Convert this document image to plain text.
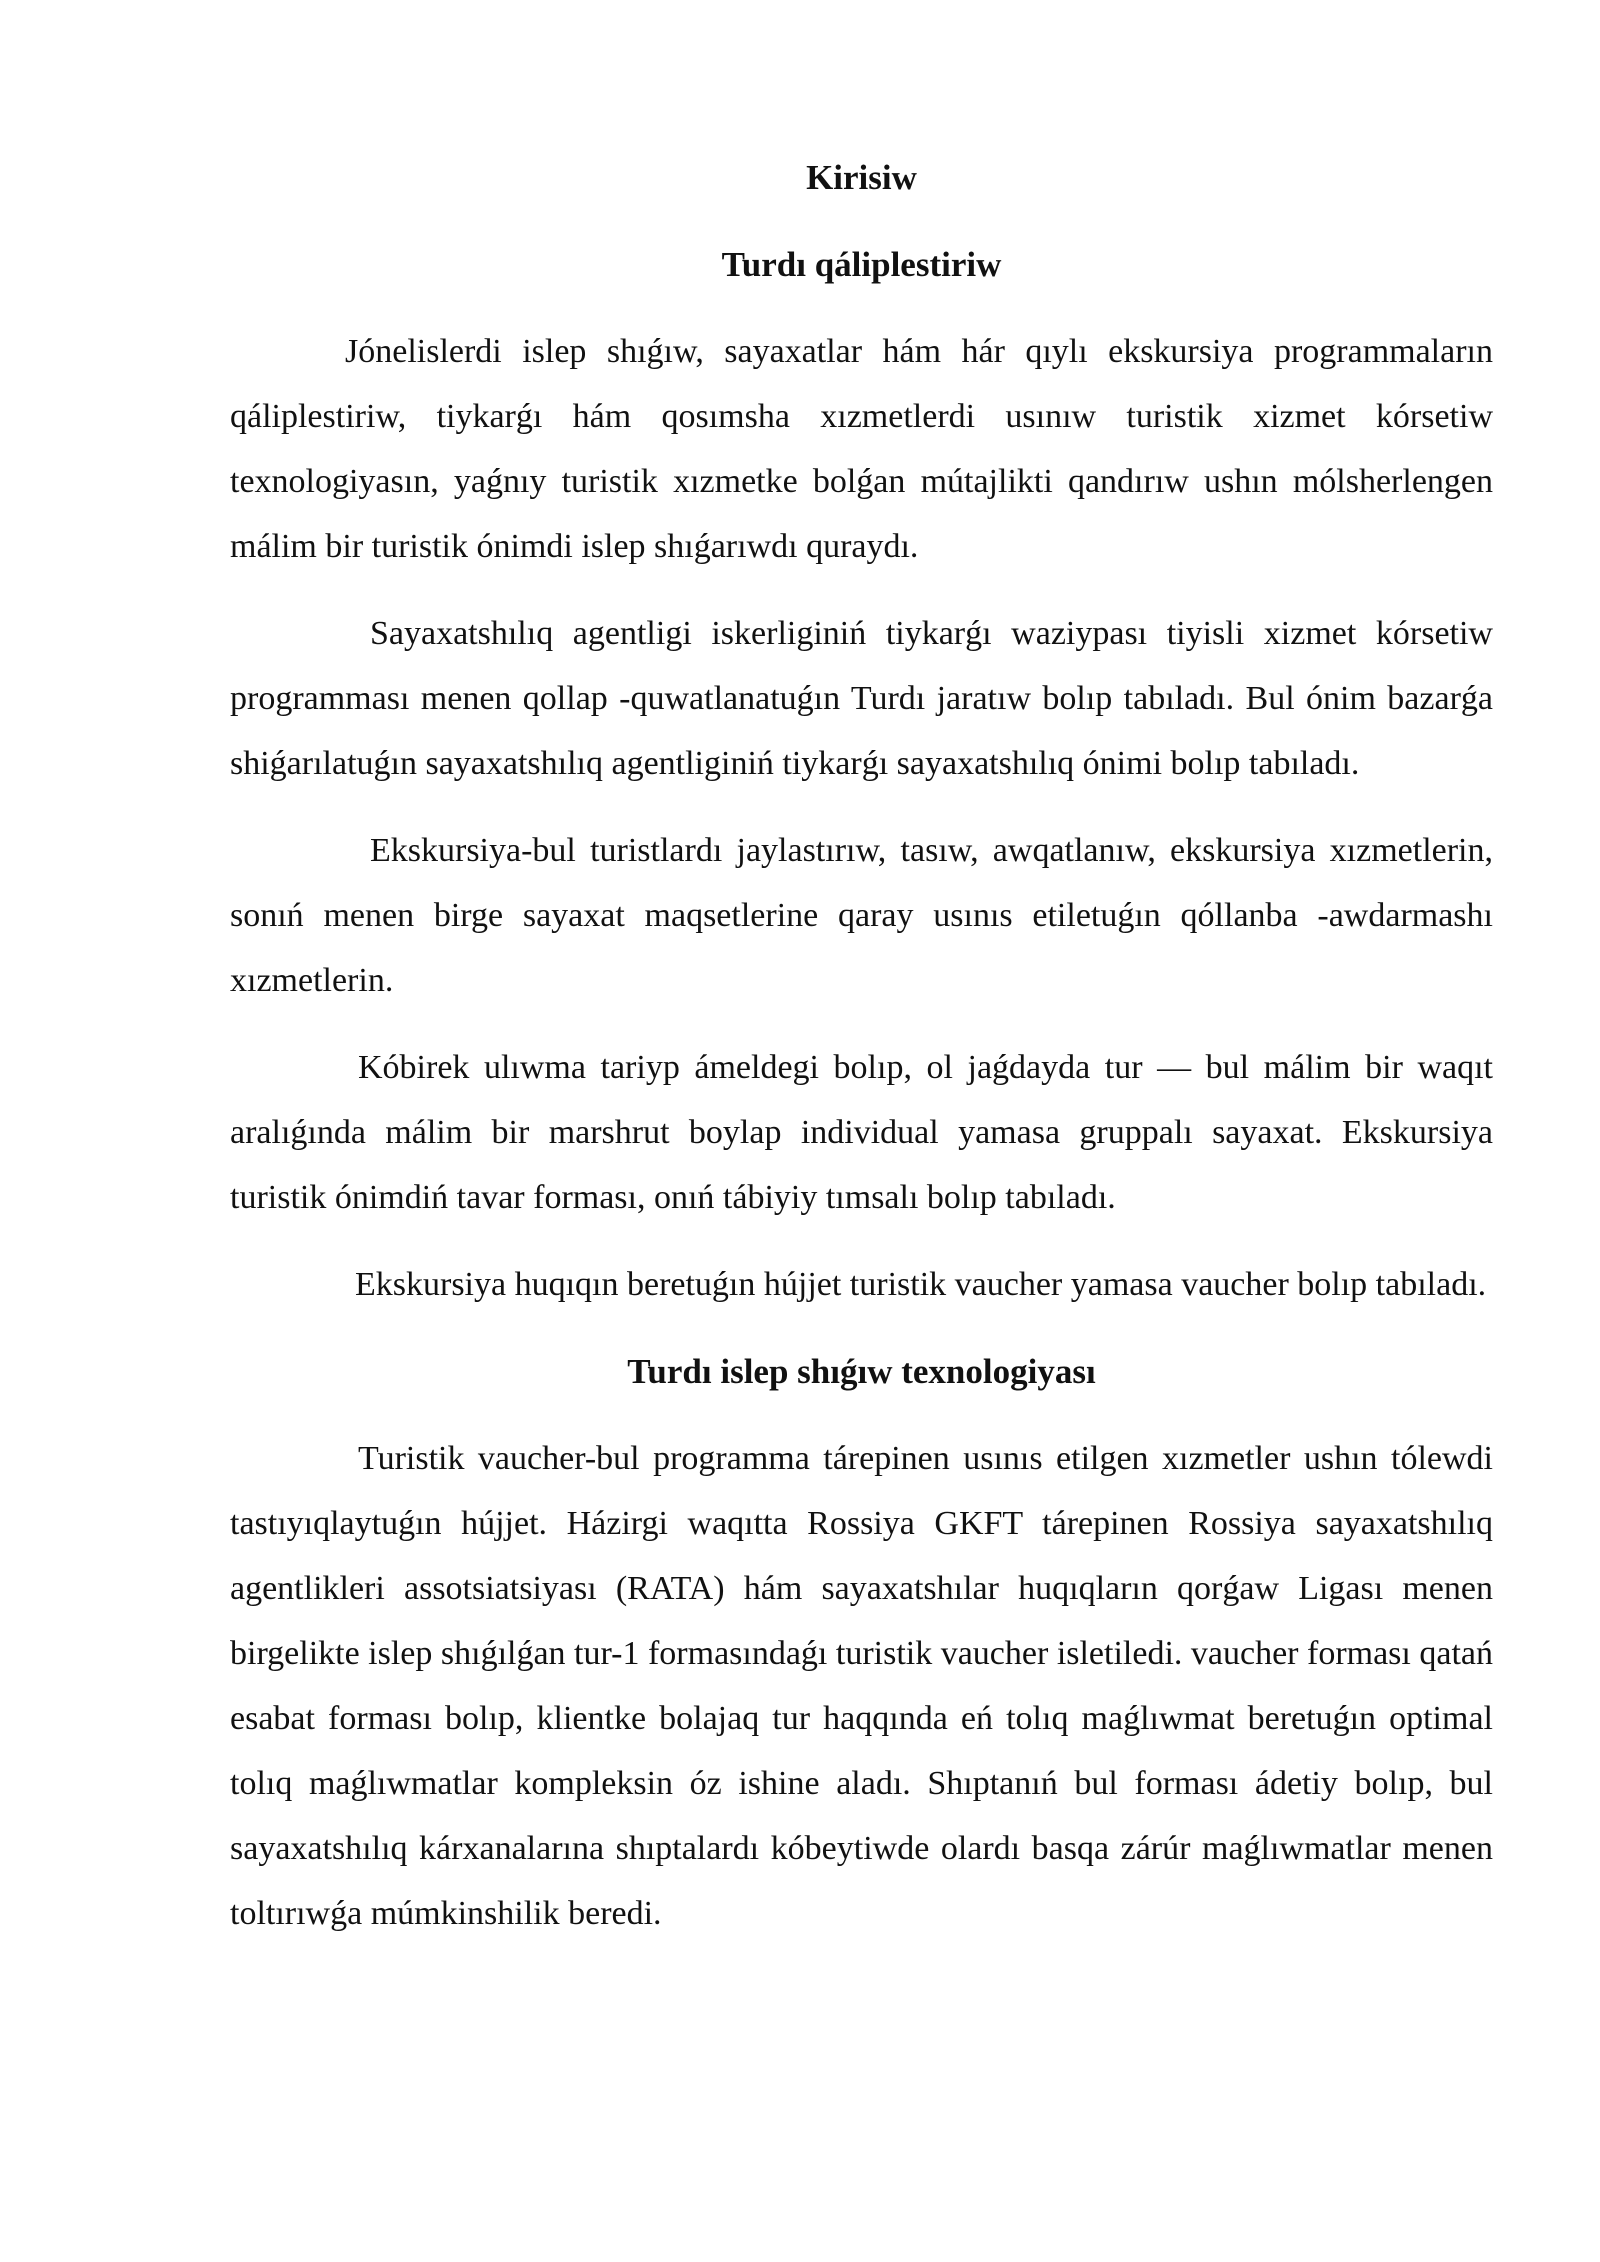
Kirisiw
Turdı qáliplestiriw

Jónelislerdi islep shıǵıw, sayaxatlar hám hár qıylı ekskursiya programmaların qáliplestiriw, tiykarǵı hám qosımsha xızmetlerdi usınıw turistik xizmet kórsetiw texnologiyasın, yaǵnıy turistik xızmetke bolǵan mútajlikti qandırıw ushın mólsherlengen málim bir turistik ónimdi islep shıǵarıwdı quraydı.

Sayaxatshılıq agentligi iskerliginiń tiykarǵı waziypası tiyisli xizmet kórsetiw programması menen qollap -quwatlanatuǵın Turdı jaratıw bolıp tabıladı. Bul ónim bazarǵa shiǵarılatuǵın sayaxatshılıq agentliginiń tiykarǵı sayaxatshılıq ónimi bolıp tabıladı.

Ekskursiya-bul turistlardı jaylastırıw, tasıw, awqatlanıw, ekskursiya xızmetlerin, sonıń menen birge sayaxat maqsetlerine qaray usınıs etiletuǵın qóllanba -awdarmashı xızmetlerin.

Kóbirek ulıwma tariyp ámeldegi bolıp, ol jaǵdayda tur — bul málim bir waqıt aralıǵında málim bir marshrut boylap individual yamasa gruppalı sayaxat. Ekskursiya turistik ónimdiń tavar forması, onıń tábiyiy tımsalı bolıp tabıladı.

Ekskursiya huqıqın beretuǵın hújjet turistik vaucher yamasa vaucher bolıp tabıladı.

Turdı islep shıǵıw texnologiyası

Turistik vaucher-bul programma tárepinen usınıs etilgen xızmetler ushın tólewdi tastıyıqlaytuǵın hújjet. Házirgi waqıtta Rossiya GKFT tárepinen Rossiya sayaxatshılıq agentlikleri assotsiatsiyası (RATA) hám sayaxatshılar huqıqların qorǵaw Ligası menen birgelikte islep shıǵılǵan tur-1 formasındaǵı turistik vaucher isletiledi. vaucher forması qatań esabat forması bolıp, klientke bolajaq tur haqqında eń tolıq maǵlıwmat beretuǵın optimal tolıq maǵlıwmatlar kompleksin óz ishine aladı. Shıptanıń bul forması ádetiy bolıp, bul sayaxatshılıq kárxanalarına shıptalardı kóbeytiwde olardı basqa zárúr maǵlıwmatlar menen toltırıwǵa múmkinshilik beredi.
